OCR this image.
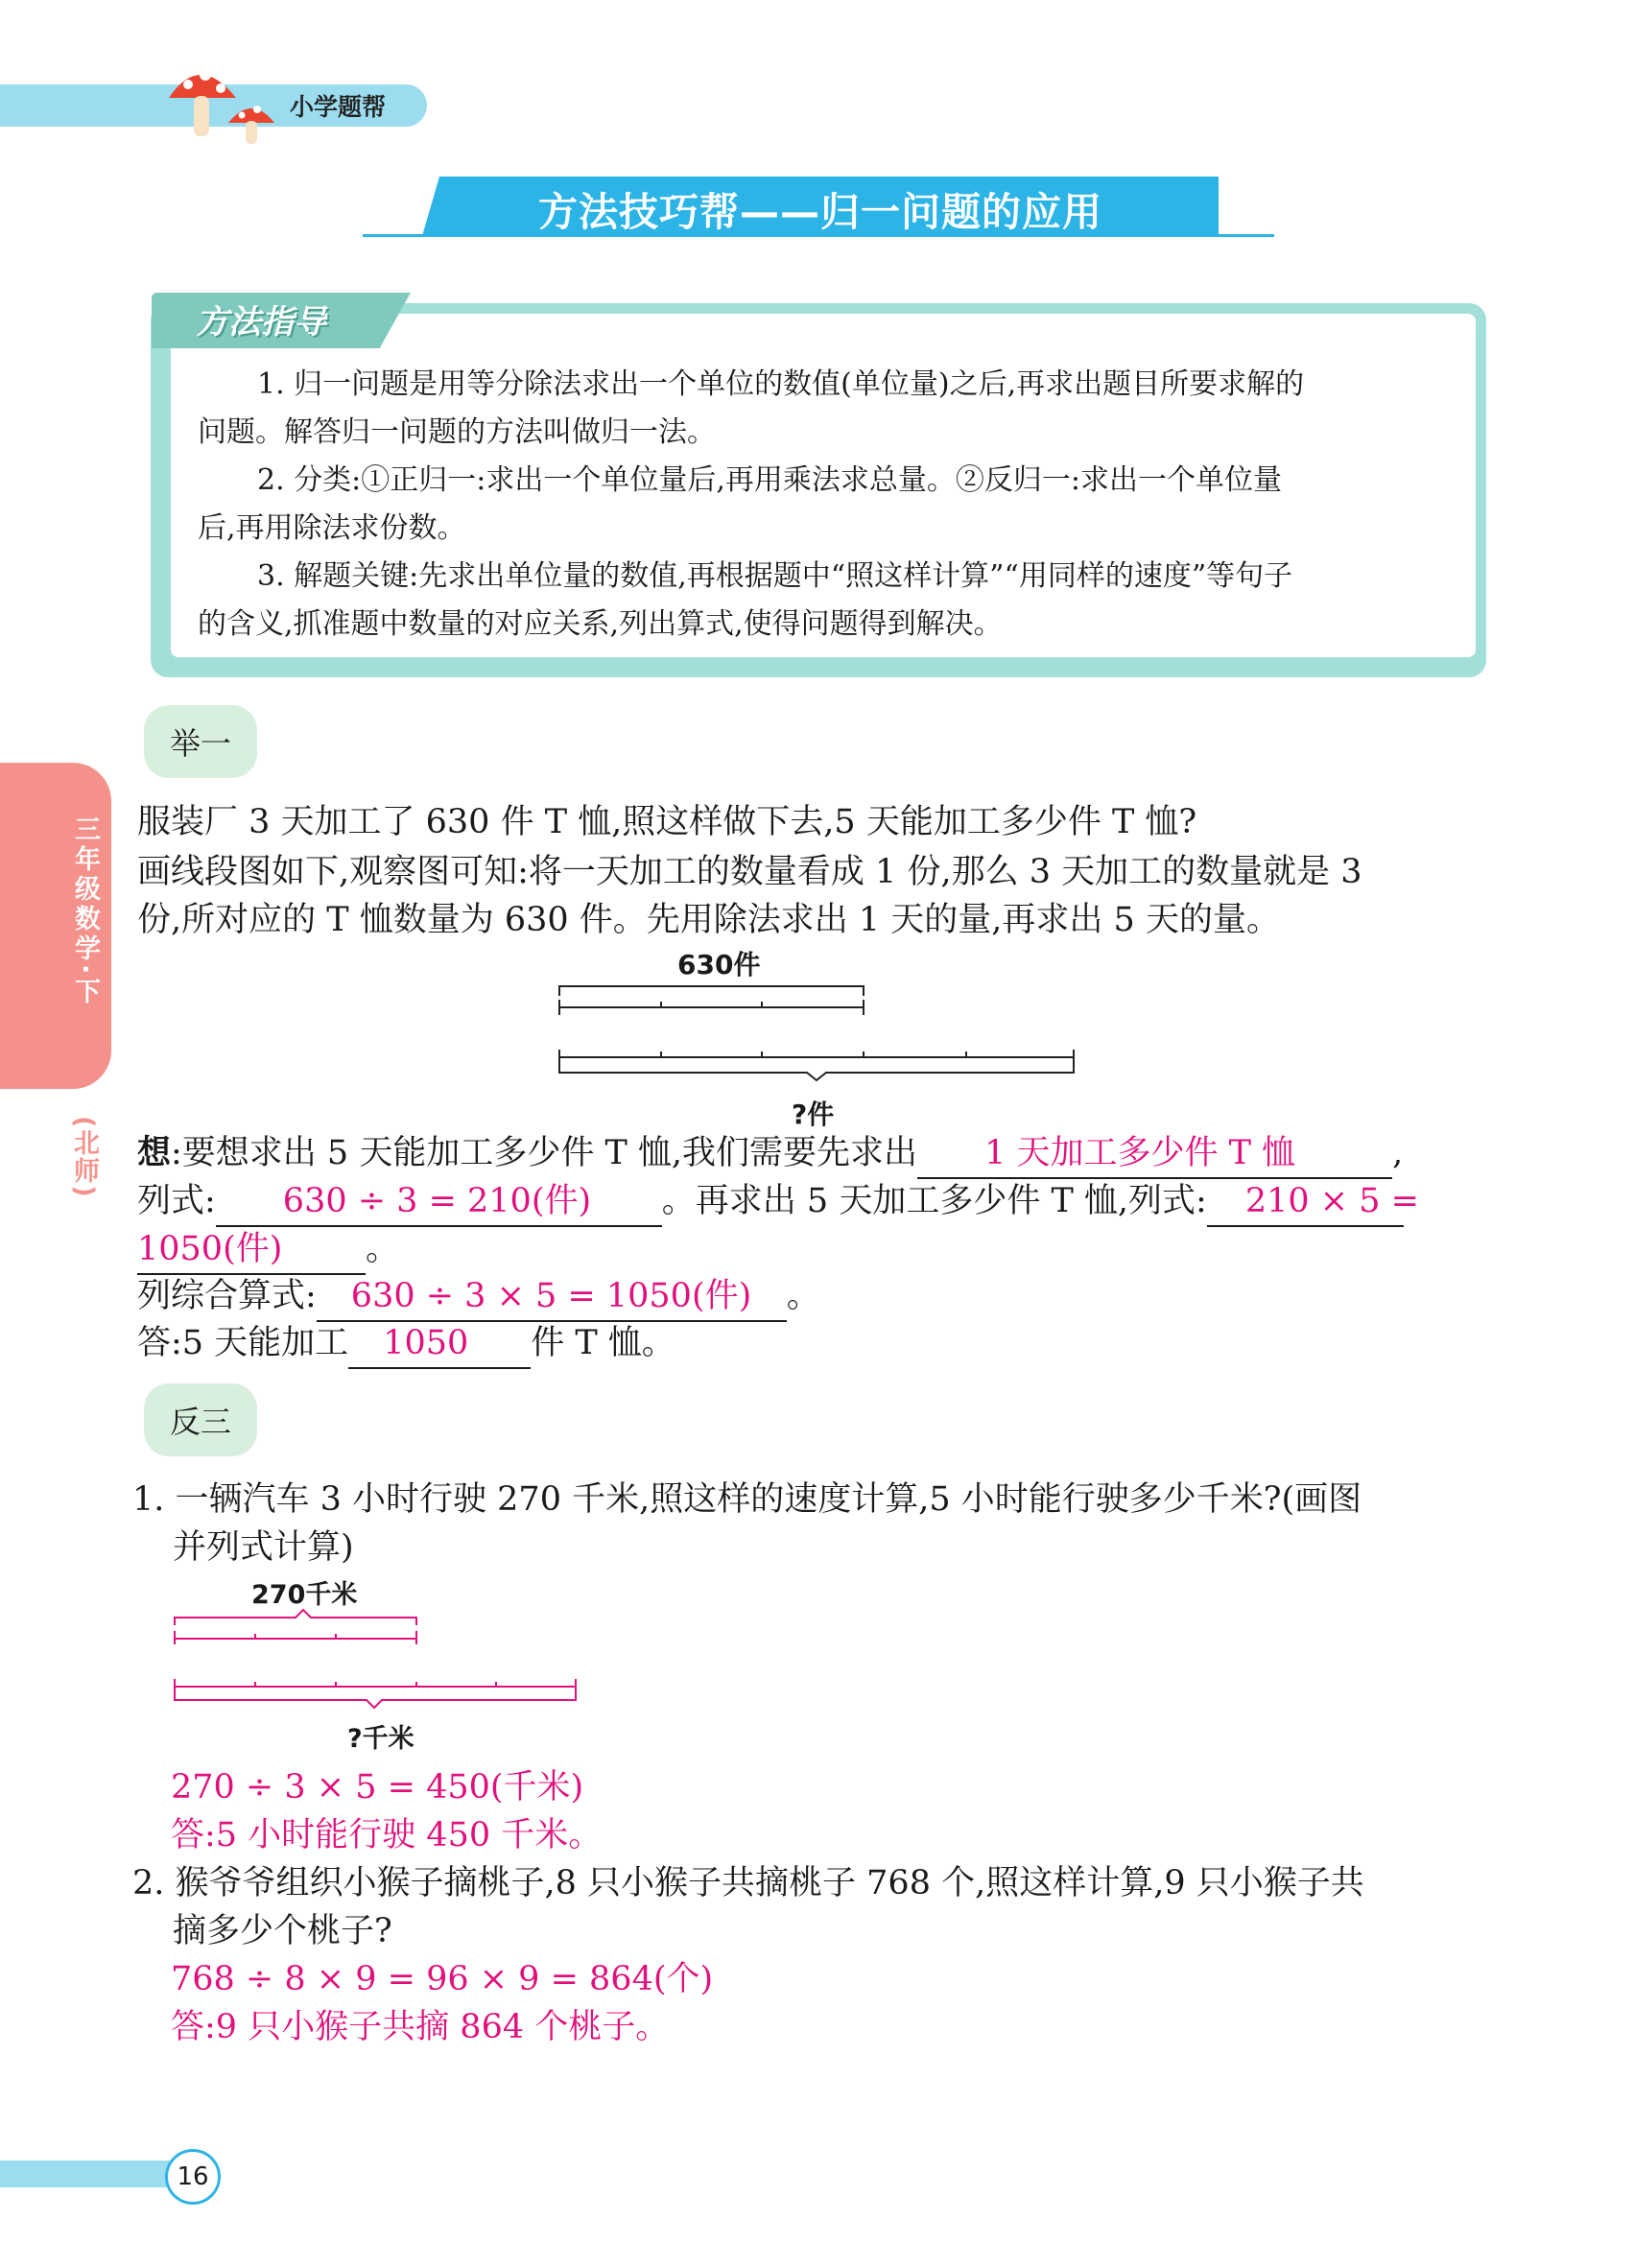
小学题帮
方法技巧帮——归一问题的应用
方法指导
1. 归一问题是用等分除法求出一个单位的数值(单位量)之后,再求出题目所要求解的
问题。解答归一问题的方法叫做归一法。
2. 分类:①正归一:求出一个单位量后,再用乘法求总量。②反归一:求出一个单位量
后,再用除法求份数。
3. 解题关键:先求出单位量的数值,再根据题中“照这样计算”“用同样的速度”等句子
的含义,抓准题中数量的对应关系,列出算式,使得问题得到解决。
三年级数学·下
(北师)
举一
服装厂 3 天加工了 630 件 T 恤,照这样做下去,5 天能加工多少件 T 恤?
画线段图如下,观察图可知:将一天加工的数量看成 1 份,那么 3 天加工的数量就是 3
份,所对应的 T 恤数量为 630 件。先用除法求出 1 天的量,再求出 5 天的量。
630件
?件
想:要想求出 5 天能加工多少件 T 恤,我们需要先求出 1 天加工多少件 T 恤	,
列式: 630 ÷ 3 = 210(件) 。再求出 5 天加工多少件 T 恤,列式: 210 × 5 =
1050(件) 。
列综合算式: 630 ÷ 3 × 5 = 1050(件) 。
答:5 天能加工 1050 件 T 恤。
反三
1. 一辆汽车 3 小时行驶 270 千米,照这样的速度计算,5 小时能行驶多少千米?(画图
并列式计算)
270千米
?千米
270 ÷ 3 × 5 = 450(千米)
答:5 小时能行驶 450 千米。
2. 猴爷爷组织小猴子摘桃子,8 只小猴子共摘桃子 768 个,照这样计算,9 只小猴子共
摘多少个桃子?
768 ÷ 8 × 9 = 96 × 9 = 864(个)
答:9 只小猴子共摘 864 个桃子。
16
